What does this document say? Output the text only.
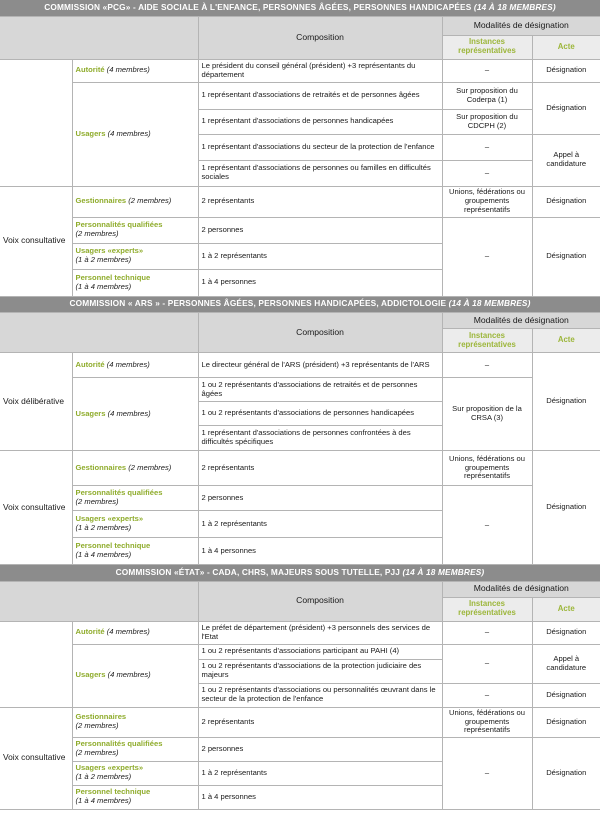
COMMISSION «PCG» - AIDE SOCIALE À L'ENFANCE, PERSONNES ÂGÉES, PERSONNES HANDICAPÉES (14 À 18 MEMBRES)				
		Composition	Modalités de désignation	
			Instances représentatives	Acte
	Autorité (4 membres)	Le président du conseil général (président) +3 représentants du département	–	Désignation
	Usagers (4 membres)	1 représentant d'associations de retraités et de personnes âgées	Sur proposition du Coderpa (1)	Désignation
		1 représentant d'associations de personnes handicapées	Sur proposition du CDCPH (2)	
		1 représentant d'associations du secteur de la protection de l'enfance	–	Appel à candidature
		1 représentant d'associations de personnes ou familles en difficultés sociales	–	
Voix consultative	Gestionnaires (2 membres)	2 représentants	Unions, fédérations ou groupements représentatifs	Désignation
	Personnalités qualifiées
(2 membres)	2 personnes	–	Désignation
	Usagers «experts»
(1 à 2 membres)	1 à 2 représentants		
	Personnel technique
(1 à 4 membres)	1 à 4 personnes		
COMMISSION « ARS » - PERSONNES ÂGÉES, PERSONNES HANDICAPÉES, ADDICTOLOGIE (14 À 18 MEMBRES)				
		Composition	Modalités de désignation	
			Instances représentatives	Acte
Voix délibérative	Autorité (4 membres)	Le directeur général de l'ARS (président) +3 représentants de l'ARS	–	Désignation
	Usagers (4 membres)	1 ou 2 représentants d'associations de retraités et de personnes âgées	Sur proposition de la CRSA (3)	
		1 ou 2 représentants d'associations de personnes handicapées		
		1 représentant d'associations de personnes confrontées à des difficultés spécifiques		
Voix consultative	Gestionnaires (2 membres)	2 représentants	Unions, fédérations ou groupements représentatifs	Désignation
	Personnalités qualifiées
(2 membres)	2 personnes	–	
	Usagers «experts»
(1 à 2 membres)	1 à 2 représentants		
	Personnel technique
(1 à 4 membres)	1 à 4 personnes		
COMMISSION «ÉTAT» - CADA, CHRS, MAJEURS SOUS TUTELLE, PJJ (14 À 18 MEMBRES)				
		Composition	Modalités de désignation	
			Instances représentatives	Acte
	Autorité (4 membres)	Le préfet de département (président) +3 personnels des services de l'Etat	–	Désignation
	Usagers (4 membres)	1 ou 2 représentants d'associations participant au PAHI (4)	–	Appel à candidature
		1 ou 2 représentants d'associations de la protection judiciaire des majeurs		
		1 ou 2 représentants d'associations ou personnalités œuvrant dans le secteur de la protection de l'enfance	–	Désignation
Voix consultative	Gestionnaires
(2 membres)	2 représentants	Unions, fédérations ou groupements représentatifs	Désignation
	Personnalités qualifiées
(2 membres)	2 personnes	–	Désignation
	Usagers «experts»
(1 à 2 membres)	1 à 2 représentants		
	Personnel technique
(1 à 4 membres)	1 à 4 personnes		
